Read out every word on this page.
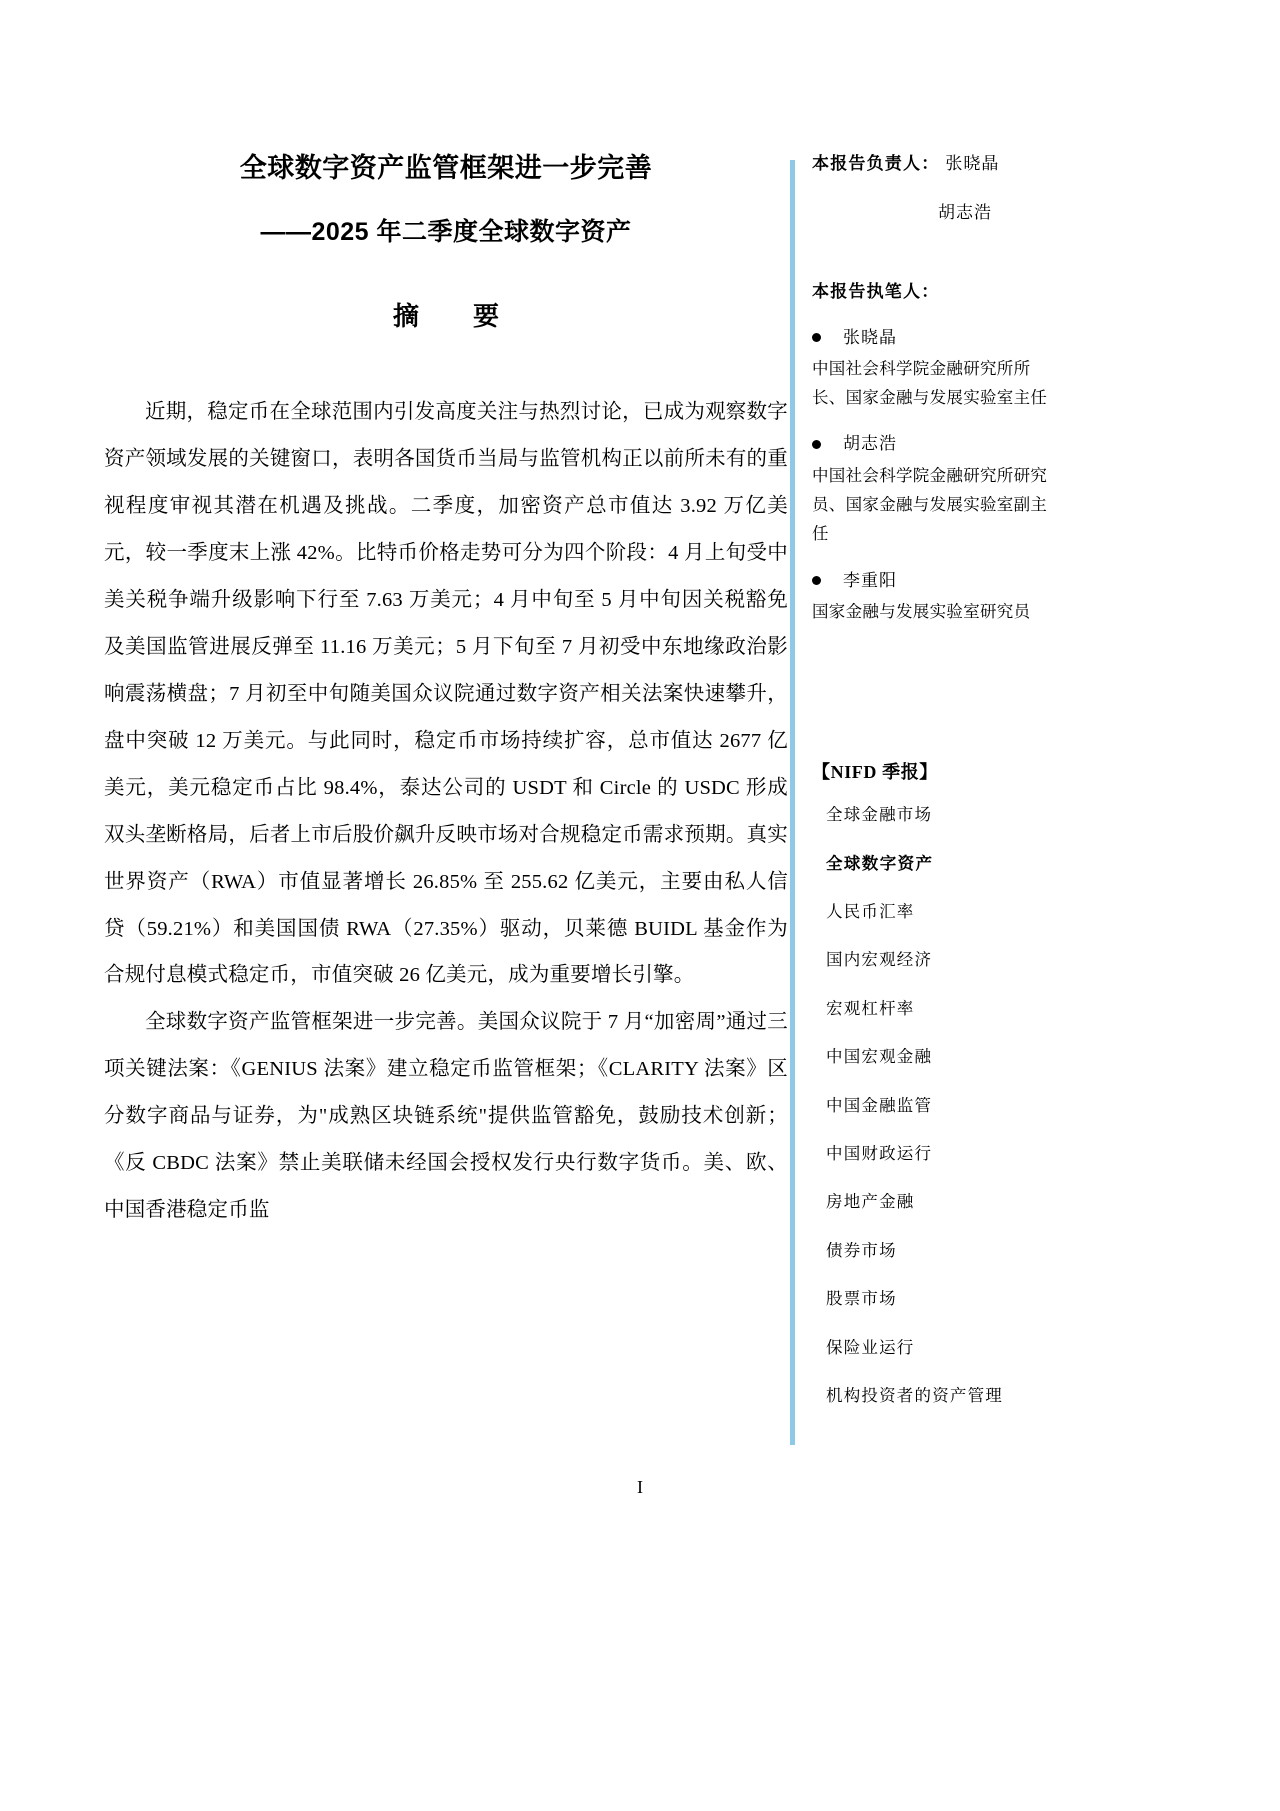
全球数字资产监管框架进一步完善
——2025 年二季度全球数字资产
摘　要

近期，稳定币在全球范围内引发高度关注与热烈讨论，已成为观察数字资产领域发展的关键窗口，表明各国货币当局与监管机构正以前所未有的重视程度审视其潜在机遇及挑战。二季度，加密资产总市值达 3.92 万亿美元，较一季度末上涨 42%。比特币价格走势可分为四个阶段：4 月上旬受中美关税争端升级影响下行至 7.63 万美元；4 月中旬至 5 月中旬因关税豁免及美国监管进展反弹至 11.16 万美元；5 月下旬至 7 月初受中东地缘政治影响震荡横盘；7 月初至中旬随美国众议院通过数字资产相关法案快速攀升，盘中突破 12 万美元。与此同时，稳定币市场持续扩容，总市值达 2677 亿美元，美元稳定币占比 98.4%，泰达公司的 USDT 和 Circle 的 USDC 形成双头垄断格局，后者上市后股价飙升反映市场对合规稳定币需求预期。真实世界资产（RWA）市值显著增长 26.85% 至 255.62 亿美元，主要由私人信贷（59.21%）和美国国债 RWA（27.35%）驱动，贝莱德 BUIDL 基金作为合规付息模式稳定币，市值突破 26 亿美元，成为重要增长引擎。

全球数字资产监管框架进一步完善。美国众议院于 7 月“加密周”通过三项关键法案：《GENIUS 法案》建立稳定币监管框架；《CLARITY 法案》区分数字商品与证券，为"成熟区块链系统"提供监管豁免，鼓励技术创新；《反 CBDC 法案》禁止美联储未经国会授权发行央行数字货币。美、欧、中国香港稳定币监

本报告负责人： 张晓晶
胡志浩
本报告执笔人：
张晓晶
中国社会科学院金融研究所所长、国家金融与发展实验室主任
胡志浩
中国社会科学院金融研究所研究员、国家金融与发展实验室副主任
李重阳
国家金融与发展实验室研究员
【NIFD 季报】
全球金融市场
全球数字资产
人民币汇率
国内宏观经济
宏观杠杆率
中国宏观金融
中国金融监管
中国财政运行
房地产金融
债券市场
股票市场
保险业运行
机构投资者的资产管理
I
